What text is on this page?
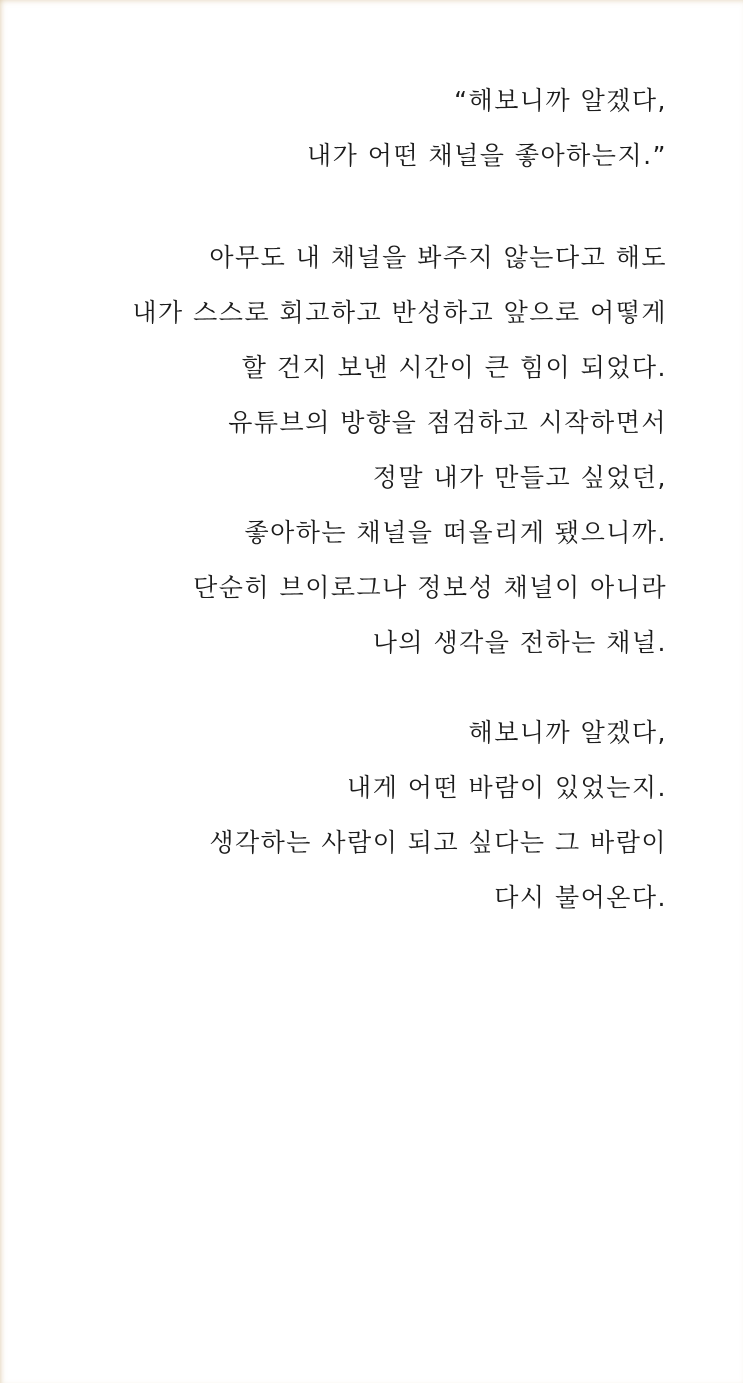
“해보니까 알겠다,
내가 어떤 채널을 좋아하는지.”
아무도 내 채널을 봐주지 않는다고 해도
내가 스스로 회고하고 반성하고 앞으로 어떻게
할 건지 보낸 시간이 큰 힘이 되었다.
유튜브의 방향을 점검하고 시작하면서
정말 내가 만들고 싶었던,
좋아하는 채널을 떠올리게 됐으니까.
단순히 브이로그나 정보성 채널이 아니라
나의 생각을 전하는 채널.
해보니까 알겠다,
내게 어떤 바람이 있었는지.
생각하는 사람이 되고 싶다는 그 바람이
다시 불어온다.
